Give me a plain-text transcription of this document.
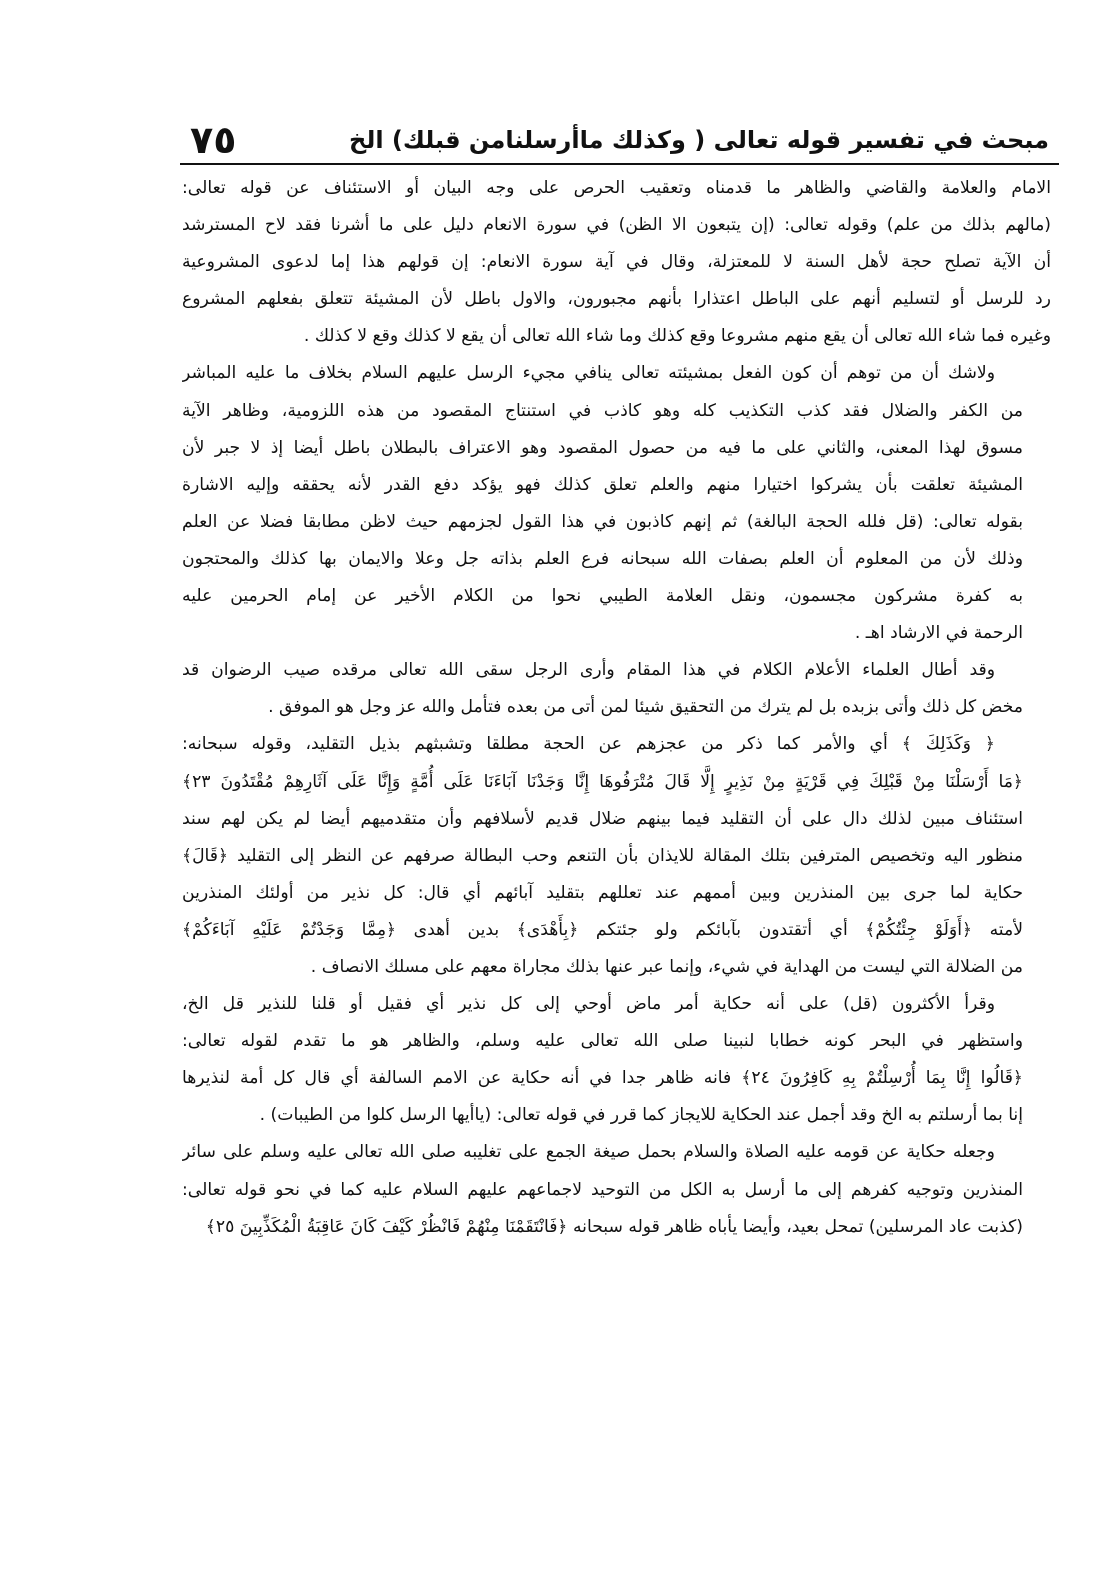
مبحث في تفسير قوله تعالى ( وكذلك ماأرسلنامن قبلك) الخ
٧٥
الامام والعلامة والقاضي والظاهر ما قدمناه وتعقيب الحرص على وجه البيان أو الاستئناف عن قوله تعالى:
(مالهم بذلك من علم) وقوله تعالى: (إن يتبعون الا الظن) في سورة الانعام دليل على ما أشرنا فقد لاح المسترشد
أن الآية تصلح حجة لأهل السنة لا للمعتزلة، وقال في آية سورة الانعام: إن قولهم هذا إما لدعوى المشروعية
رد للرسل أو لتسليم أنهم على الباطل اعتذارا بأنهم مجبورون، والاول باطل لأن المشيئة تتعلق بفعلهم المشروع
وغيره فما شاء الله تعالى أن يقع منهم مشروعا وقع كذلك وما شاء الله تعالى أن يقع لا كذلك وقع لا كذلك .
ولاشك أن من توهم أن كون الفعل بمشيئته تعالى ينافي مجيء الرسل عليهم السلام بخلاف ما عليه المباشر
من الكفر والضلال فقد كذب التكذيب كله وهو كاذب في استنتاج المقصود من هذه اللزومية، وظاهر الآية
مسوق لهذا المعنى، والثاني على ما فيه من حصول المقصود وهو الاعتراف بالبطلان باطل أيضا إذ لا جبر لأن
المشيئة تعلقت بأن يشركوا اختيارا منهم والعلم تعلق كذلك فهو يؤكد دفع القدر لأنه يحققه وإليه الاشارة
بقوله تعالى: (قل فلله الحجة البالغة) ثم إنهم كاذبون في هذا القول لجزمهم حيث لاظن مطابقا فضلا عن العلم
وذلك لأن من المعلوم أن العلم بصفات الله سبحانه فرع العلم بذاته جل وعلا والايمان بها كذلك والمحتجون
به كفرة مشركون مجسمون، ونقل العلامة الطيبي نحوا من الكلام الأخير عن إمام الحرمين عليه
الرحمة في الارشاد اهـ .
وقد أطال العلماء الأعلام الكلام في هذا المقام وأرى الرجل سقى الله تعالى مرقده صيب الرضوان قد
مخض كل ذلك وأتى بزبده بل لم يترك من التحقيق شيئا لمن أتى من بعده فتأمل والله عز وجل هو الموفق .
﴿ وَكَذَلِكَ ﴾ أي والأمر كما ذكر من عجزهم عن الحجة مطلقا وتشبثهم بذيل التقليد، وقوله سبحانه:
﴿مَا أَرْسَلْنَا مِنْ قَبْلِكَ فِي قَرْيَةٍ مِنْ نَذِيرٍ إِلَّا قَالَ مُتْرَفُوهَا إِنَّا وَجَدْنَا آبَاءَنَا عَلَى أُمَّةٍ وَإِنَّا عَلَى آثَارِهِمْ مُقْتَدُونَ ٢٣﴾
استئناف مبين لذلك دال على أن التقليد فيما بينهم ضلال قديم لأسلافهم وأن متقدميهم أيضا لم يكن لهم سند
منظور اليه وتخصيص المترفين بتلك المقالة للايذان بأن التنعم وحب البطالة صرفهم عن النظر إلى التقليد ﴿قَالَ﴾
حكاية لما جرى بين المنذرين وبين أممهم عند تعللهم بتقليد آبائهم أي قال: كل نذير من أولئك المنذرين
لأمته ﴿أَوَلَوْ جِئْتُكُمْ﴾ أي أتقتدون بآبائكم ولو جئتكم ﴿بِأَهْدَى﴾ بدين أهدى ﴿مِمَّا وَجَدْتُمْ عَلَيْهِ آبَاءَكُمْ﴾
من الضلالة التي ليست من الهداية في شيء، وإنما عبر عنها بذلك مجاراة معهم على مسلك الانصاف .
وقرأ الأكثرون (قل) على أنه حكاية أمر ماض أوحي إلى كل نذير أي فقيل أو قلنا للنذير قل الخ،
واستظهر في البحر كونه خطابا لنبينا صلى الله تعالى عليه وسلم، والظاهر هو ما تقدم لقوله تعالى:
﴿قَالُوا إِنَّا بِمَا أُرْسِلْتُمْ بِهِ كَافِرُونَ ٢٤﴾ فانه ظاهر جدا في أنه حكاية عن الامم السالفة أي قال كل أمة لنذيرها
إنا بما أرسلتم به الخ وقد أجمل عند الحكاية للايجاز كما قرر في قوله تعالى: (ياأيها الرسل كلوا من الطيبات) .
وجعله حكاية عن قومه عليه الصلاة والسلام بحمل صيغة الجمع على تغليبه صلى الله تعالى عليه وسلم على سائر
المنذرين وتوجيه كفرهم إلى ما أرسل به الكل من التوحيد لاجماعهم عليهم السلام عليه كما في نحو قوله تعالى:
(كذبت عاد المرسلين) تمحل بعيد، وأيضا يأباه ظاهر قوله سبحانه ﴿فَانْتَقَمْنَا مِنْهُمْ فَانْظُرْ كَيْفَ كَانَ عَاقِبَةُ الْمُكَذِّبِينَ ٢٥﴾
